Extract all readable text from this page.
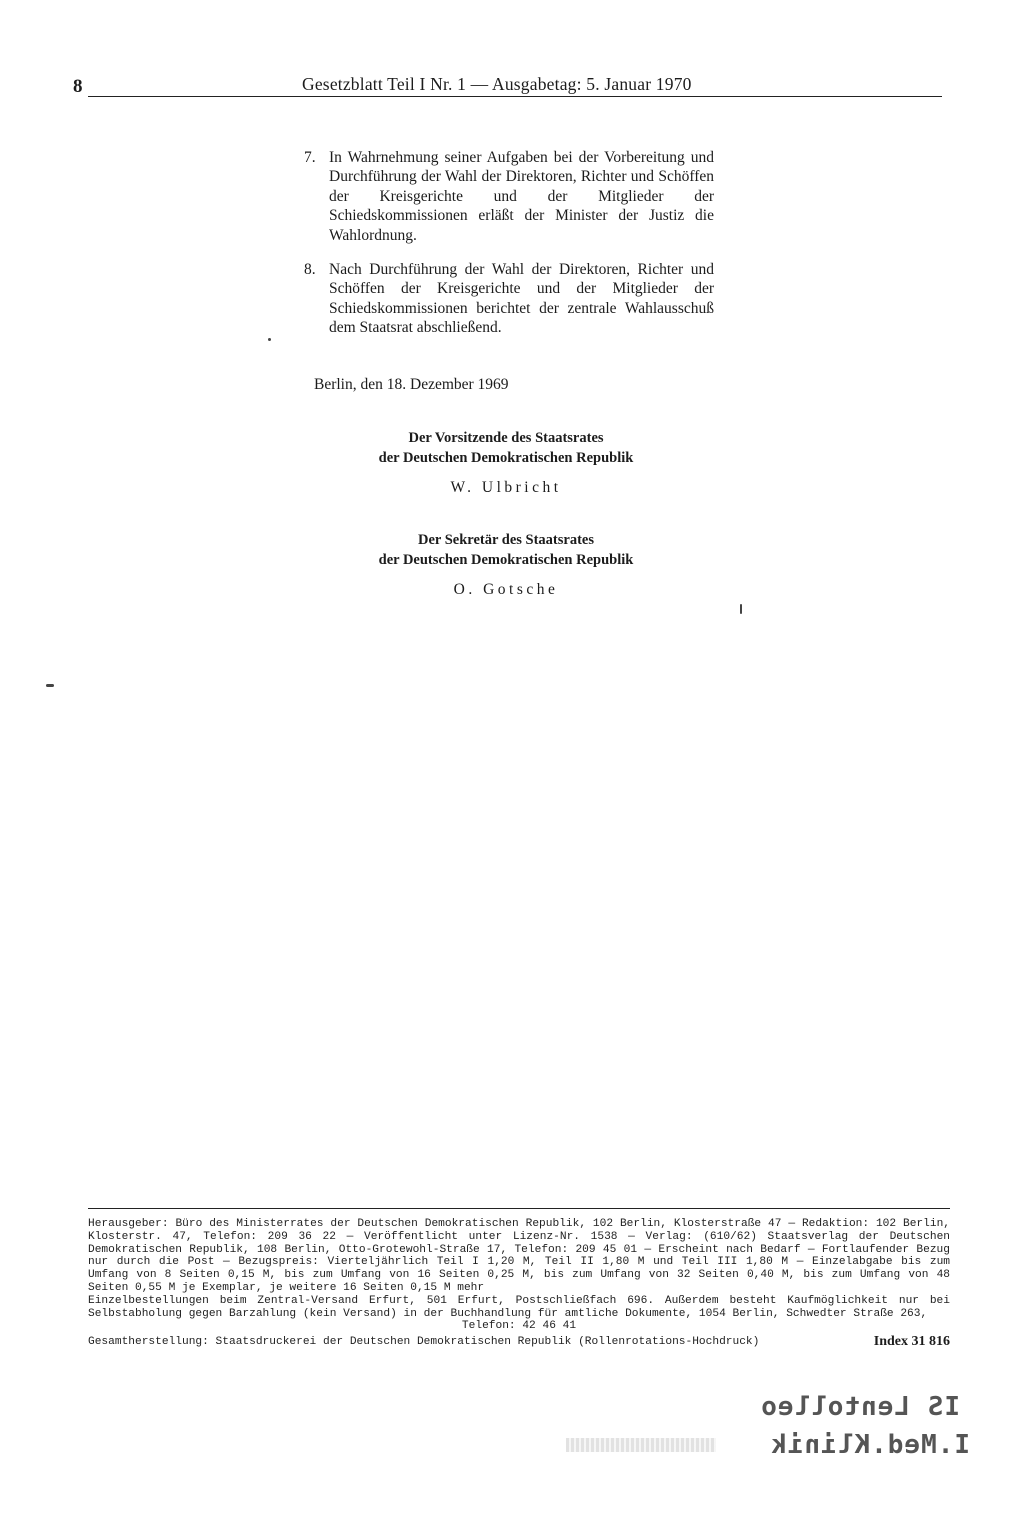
8	Gesetzblatt Teil I Nr. 1 — Ausgabetag: 5. Januar 1970
7. In Wahrnehmung seiner Aufgaben bei der Vorbereitung und Durchführung der Wahl der Direktoren, Richter und Schöffen der Kreisgerichte und der Mitglieder der Schiedskommissionen erläßt der Minister der Justiz die Wahlordnung.
8. Nach Durchführung der Wahl der Direktoren, Richter und Schöffen der Kreisgerichte und der Mitglieder der Schiedskommissionen berichtet der zentrale Wahlausschuß dem Staatsrat abschließend.
Berlin, den 18. Dezember 1969
Der Vorsitzende des Staatsrates
der Deutschen Demokratischen Republik
W. Ulbricht
Der Sekretär des Staatsrates
der Deutschen Demokratischen Republik
O. Gotsche

Herausgeber: Büro des Ministerrates der Deutschen Demokratischen Republik, 102 Berlin, Klosterstraße 47 — Redaktion: 102 Berlin, Klosterstr. 47, Telefon: 209 36 22 — Veröffentlicht unter Lizenz-Nr. 1538 — Verlag: (610/62) Staatsverlag der Deutschen Demokratischen Republik, 108 Berlin, Otto-Grotewohl-Straße 17, Telefon: 209 45 01 — Erscheint nach Bedarf — Fortlaufender Bezug nur durch die Post — Bezugspreis: Vierteljährlich Teil I 1,20 M, Teil II 1,80 M und Teil III 1,80 M — Einzelabgabe bis zum Umfang von 8 Seiten 0,15 M, bis zum Umfang von 16 Seiten 0,25 M, bis zum Umfang von 32 Seiten 0,40 M, bis zum Umfang von 48 Seiten 0,55 M je Exemplar, je weitere 16 Seiten 0,15 M mehr

Einzelbestellungen beim Zentral-Versand Erfurt, 501 Erfurt, Postschließfach 696. Außerdem besteht Kaufmöglichkeit nur bei Selbstabholung gegen Barzahlung (kein Versand) in der Buchhandlung für amtliche Dokumente, 1054 Berlin, Schwedter Straße 263,

Telefon: 42 46 41

Gesamtherstellung: Staatsdruckerei der Deutschen Demokratischen Republik (Rollenrotations-Hochdruck)	Index 31 816
IS Lentolleo
I.Med.Klinik
